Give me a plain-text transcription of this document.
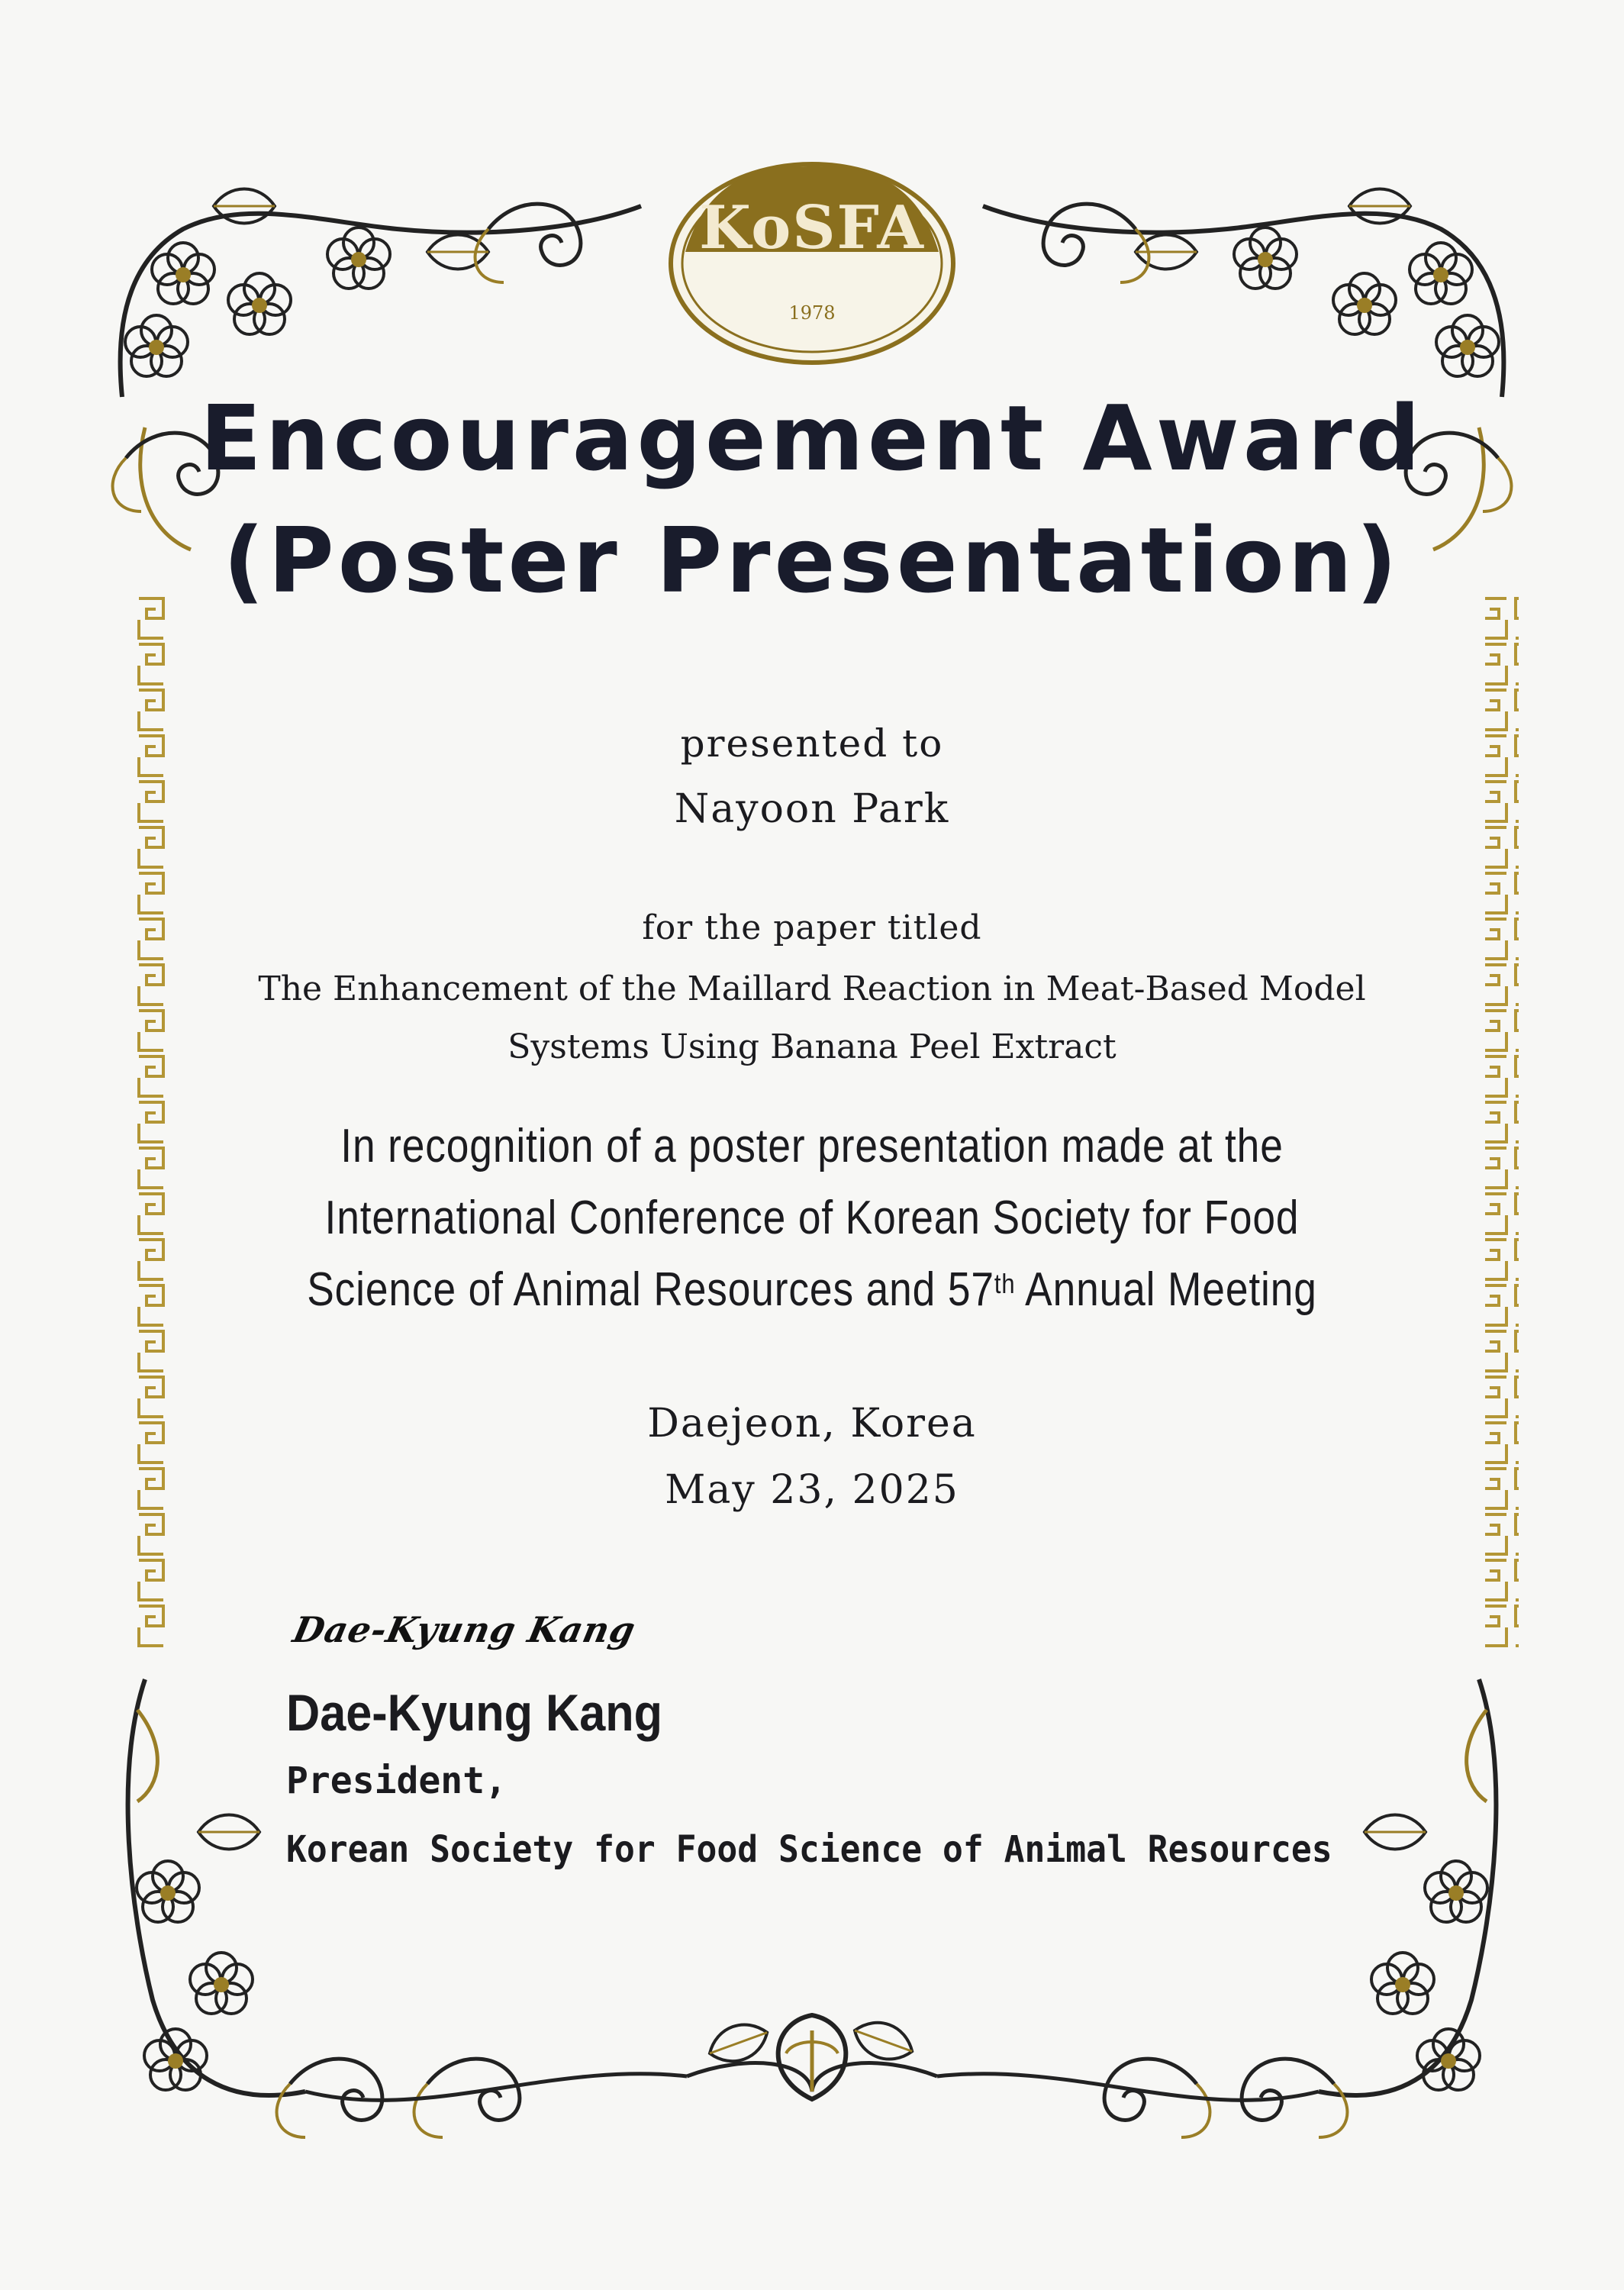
KoSFA
1978
Encouragement Award
(Poster Presentation)
presented to
Nayoon Park
for the paper titled
The Enhancement of the Maillard Reaction in Meat-Based Model
Systems Using Banana Peel Extract
In recognition of a poster presentation made at the
International Conference of Korean Society for Food
Science of Animal Resources and 57th Annual Meeting
Daejeon, Korea
May 23, 2025
Dae-Kyung Kang
Dae-Kyung Kang
President,
Korean Society for Food Science of Animal Resources
